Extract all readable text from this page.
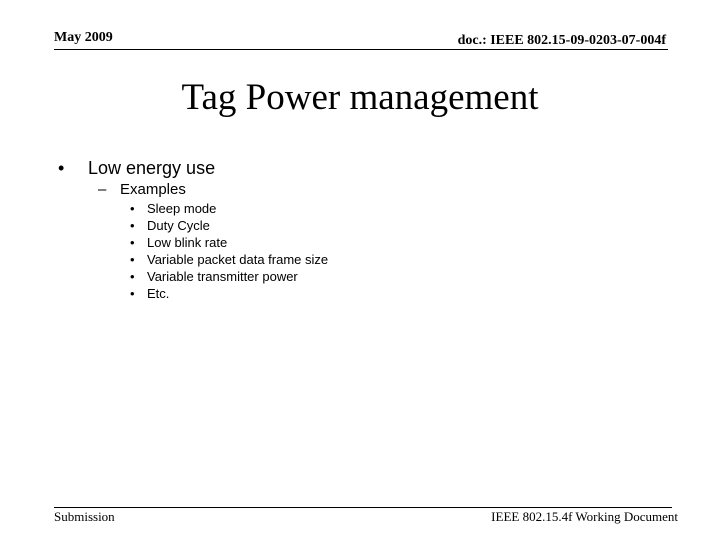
May 2009	doc.: IEEE 802.15-09-0203-07-004f
Tag Power management
• Low energy use
– Examples
• Sleep mode
• Duty Cycle
• Low blink rate
• Variable packet data frame size
• Variable transmitter power
• Etc.
Submission	IEEE 802.15.4f Working Document
